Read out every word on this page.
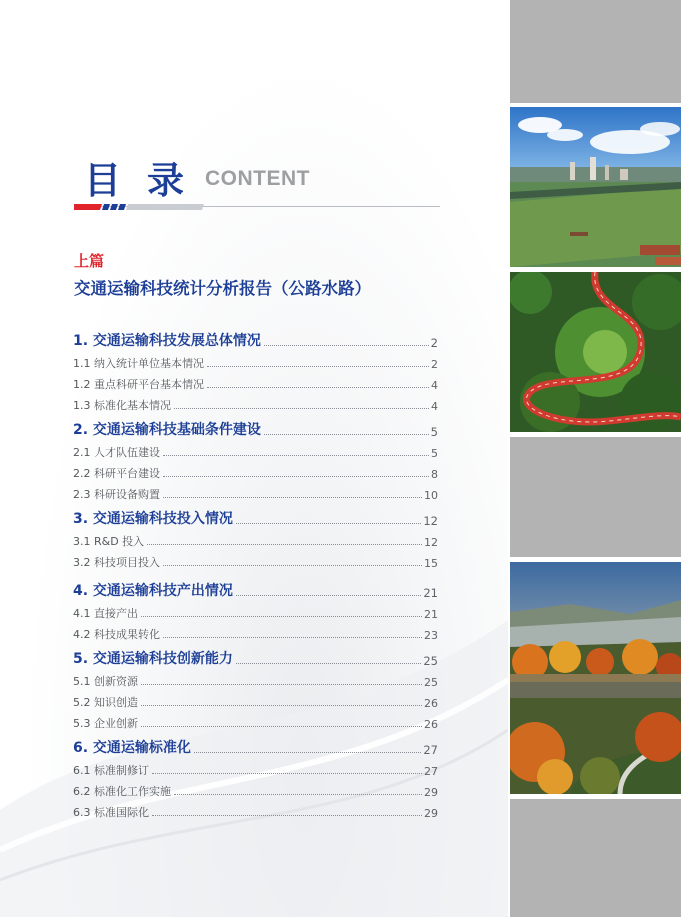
目录
CONTENT
上篇
交通运输科技统计分析报告（公路水路）
1. 交通运输科技发展总体情况	2
1.1 纳入统计单位基本情况	2
1.2 重点科研平台基本情况	4
1.3 标准化基本情况	4
2. 交通运输科技基础条件建设	5
2.1 人才队伍建设	5
2.2 科研平台建设	8
2.3 科研设备购置	10
3. 交通运输科技投入情况	12
3.1 R&D 投入	12
3.2 科技项目投入	15
4. 交通运输科技产出情况	21
4.1 直接产出	21
4.2 科技成果转化	23
5. 交通运输科技创新能力	25
5.1 创新资源	25
5.2 知识创造	26
5.3 企业创新	26
6. 交通运输标准化	27
6.1 标准制修订	27
6.2 标准化工作实施	29
6.3 标准国际化	29
